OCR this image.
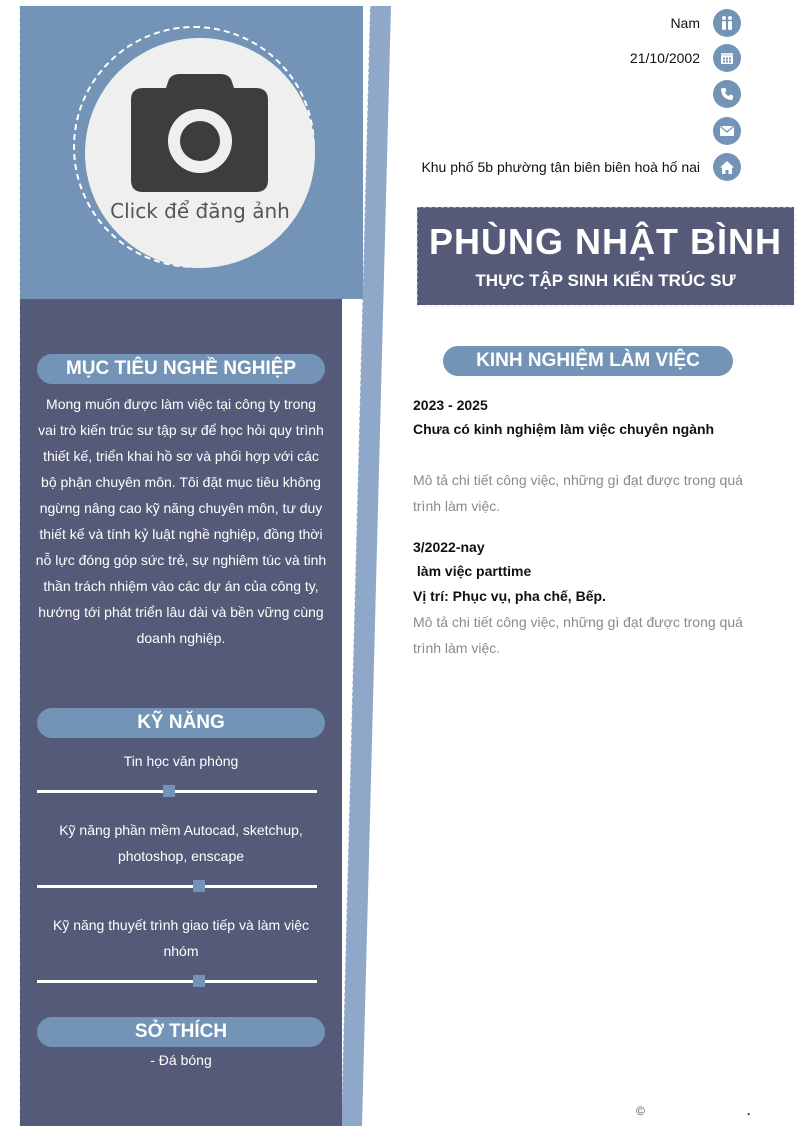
Click để đăng ảnh
MỤC TIÊU NGHỀ NGHIỆP
Mong muốn được làm việc tại công ty trong
vai trò kiến trúc sư tập sự để học hỏi quy trình
thiết kế, triển khai hồ sơ và phối hợp với các
bộ phận chuyên môn. Tôi đặt mục tiêu không
ngừng nâng cao kỹ năng chuyên môn, tư duy
thiết kế và tính kỷ luật nghề nghiệp, đồng thời
nỗ lực đóng góp sức trẻ, sự nghiêm túc và tinh
thần trách nhiệm vào các dự án của công ty,
hướng tới phát triển lâu dài và bền vững cùng
doanh nghiệp.
KỸ NĂNG
Tin học văn phòng
Kỹ năng phần mềm Autocad, sketchup,
photoshop, enscape
Kỹ năng thuyết trình giao tiếp và làm việc
nhóm
SỞ THÍCH
- Đá bóng
Nam
21/10/2002
Khu phố 5b phường tân biên biên hoà hố nai
PHÙNG NHẬT BÌNH
THỰC TẬP SINH KIẾN TRÚC SƯ
KINH NGHIỆM LÀM VIỆC
2023 - 2025
Chưa có kinh nghiệm làm việc chuyên ngành
Mô tả chi tiết công việc, những gì đạt được trong quá
trình làm việc.
3/2022-nay
làm việc parttime
Vị trí: Phục vụ, pha chế, Bếp.
Mô tả chi tiết công việc, những gì đạt được trong quá
trình làm việc.
©	.
